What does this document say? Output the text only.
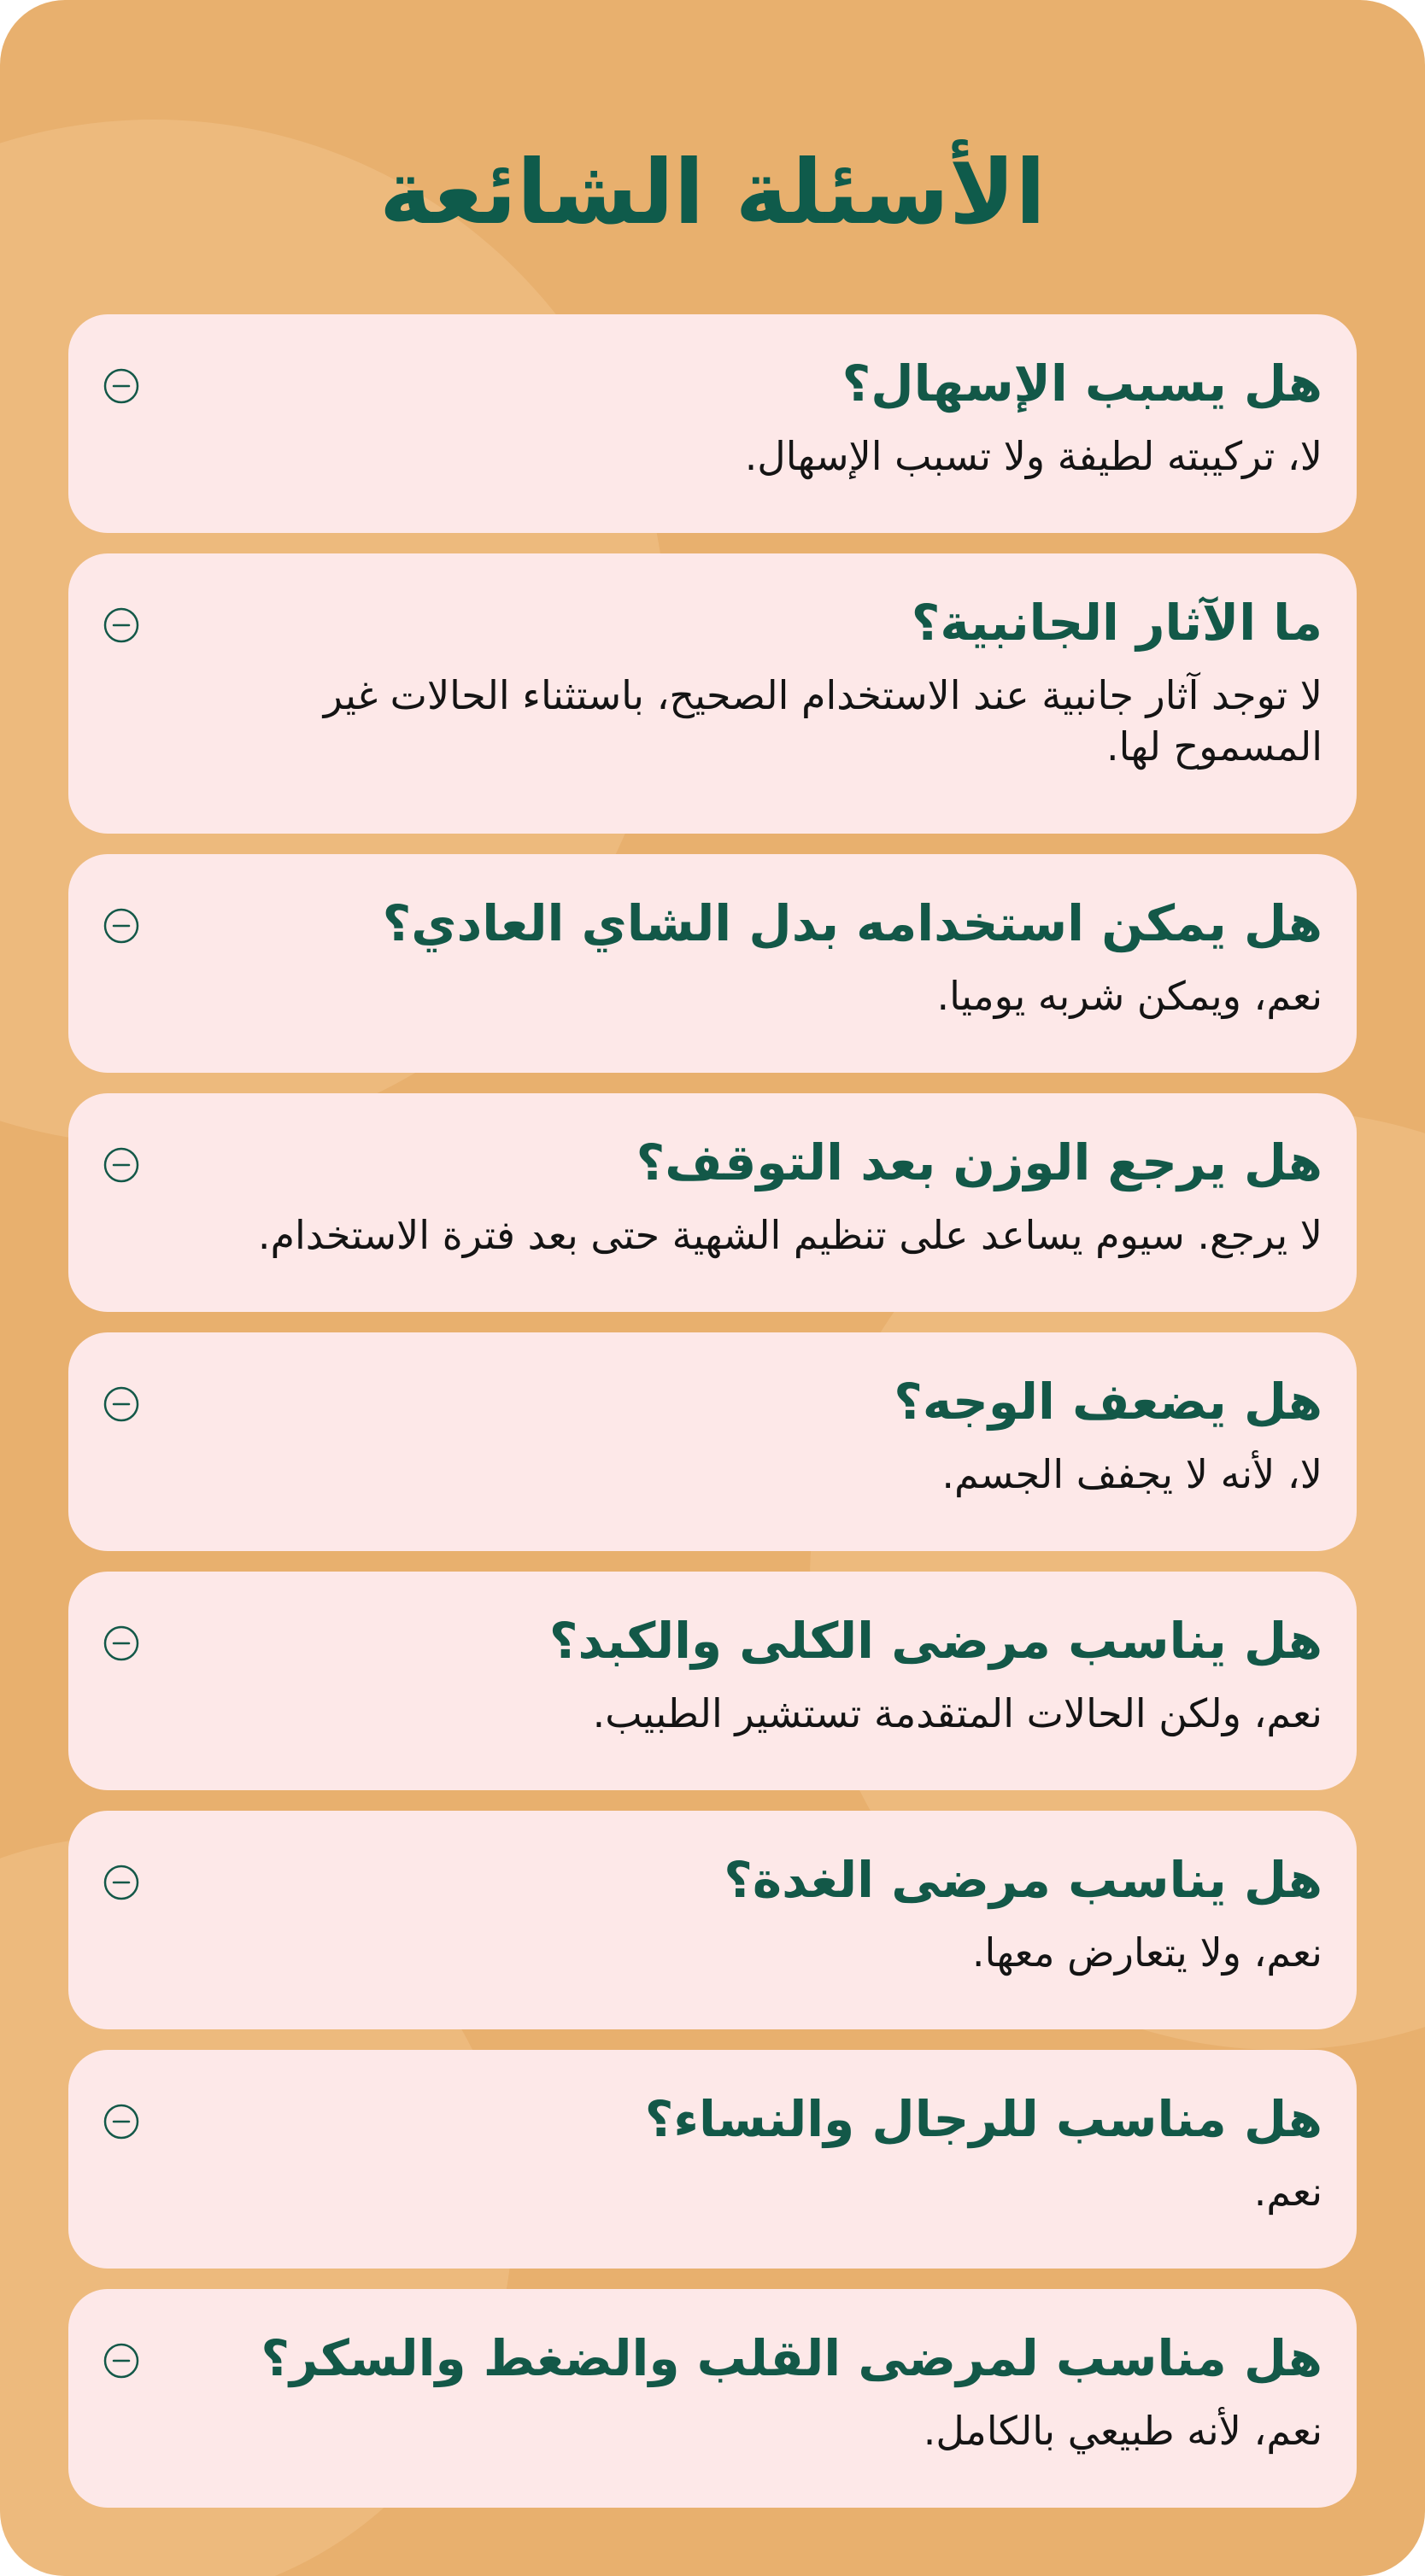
الأسئلة الشائعة
هل يسبب الإسهال؟
لا، تركيبته لطيفة ولا تسبب الإسهال.
ما الآثار الجانبية؟
لا توجد آثار جانبية عند الاستخدام الصحيح، باستثناء الحالات غير المسموح لها.
هل يمكن استخدامه بدل الشاي العادي؟
نعم، ويمكن شربه يوميا.
هل يرجع الوزن بعد التوقف؟
لا يرجع. سيوم يساعد على تنظيم الشهية حتى بعد فترة الاستخدام.
هل يضعف الوجه؟
لا، لأنه لا يجفف الجسم.
هل يناسب مرضى الكلى والكبد؟
نعم، ولكن الحالات المتقدمة تستشير الطبيب.
هل يناسب مرضى الغدة؟
نعم، ولا يتعارض معها.
هل مناسب للرجال والنساء؟
نعم.
هل مناسب لمرضى القلب والضغط والسكر؟
نعم، لأنه طبيعي بالكامل.
